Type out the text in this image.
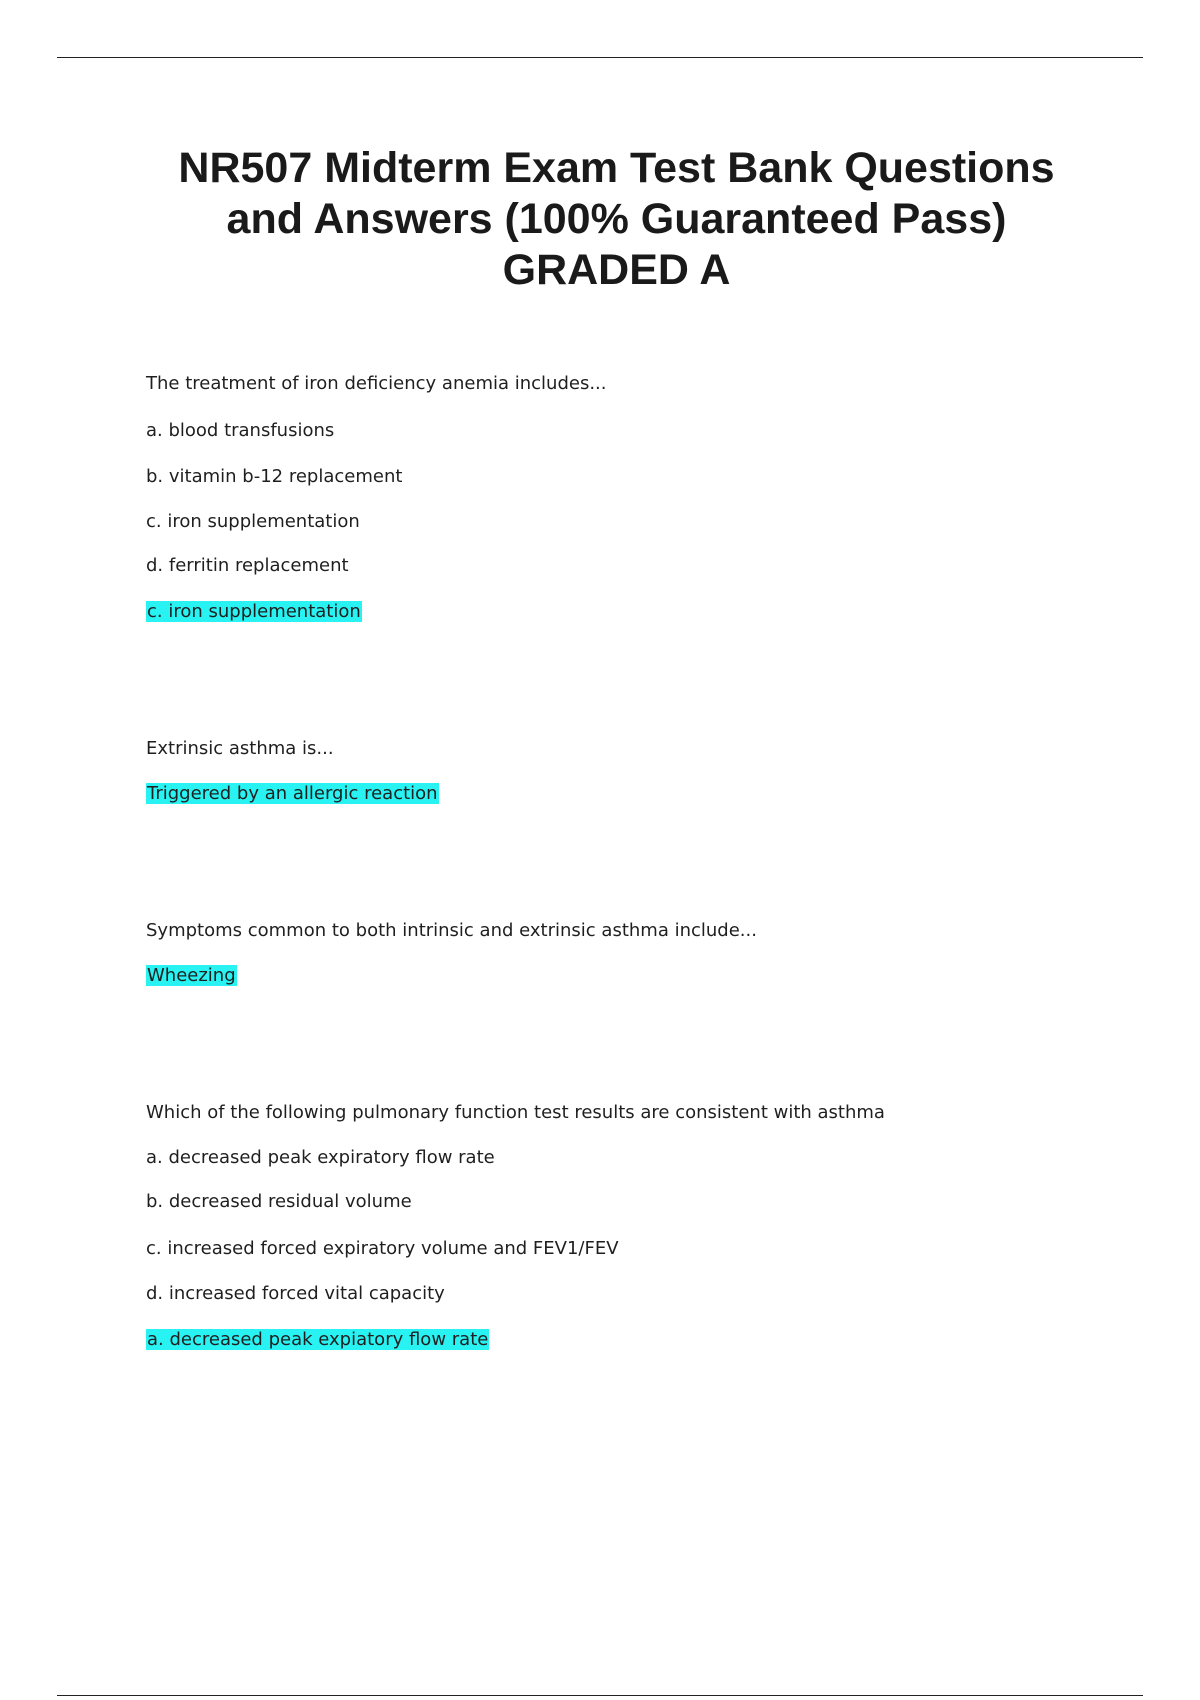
NR507 Midterm Exam Test Bank Questions
and Answers (100% Guaranteed Pass)
GRADED A
The treatment of iron deficiency anemia includes...
a. blood transfusions
b. vitamin b-12 replacement
c. iron supplementation
d. ferritin replacement
c. iron supplementation
Extrinsic asthma is...
Triggered by an allergic reaction
Symptoms common to both intrinsic and extrinsic asthma include...
Wheezing
Which of the following pulmonary function test results are consistent with asthma
a. decreased peak expiratory flow rate
b. decreased residual volume
c. increased forced expiratory volume and FEV1/FEV
d. increased forced vital capacity
a. decreased peak expiatory flow rate
